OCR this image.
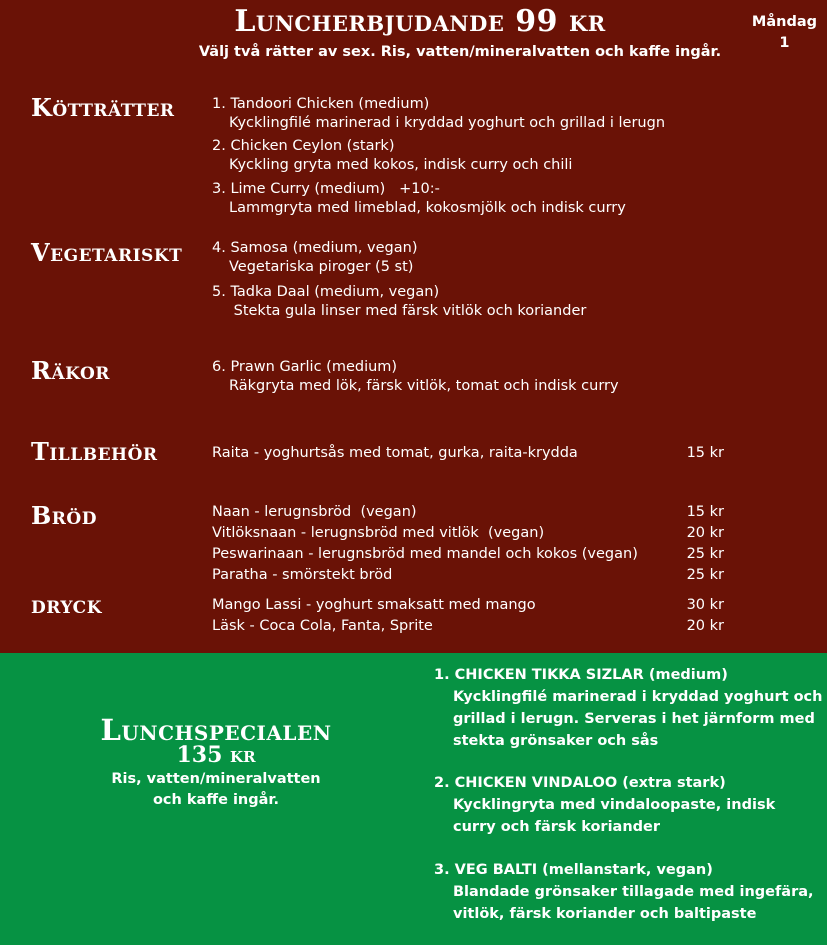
Luncherbjudande 99 kr
Välj två rätter av sex. Ris, vatten/mineralvatten och kaffe ingår.
Måndag
1
Kötträtter
Vegetariskt
Räkor
Tillbehör
Bröd
dryck
1. Tandoori Chicken (medium)
Kycklingfilé marinerad i kryddad yoghurt och grillad i lerugn
2. Chicken Ceylon (stark)
Kyckling gryta med kokos, indisk curry och chili
3. Lime Curry (medium)   +10:-
Lammgryta med limeblad, kokosmjölk och indisk curry
4. Samosa (medium, vegan)
Vegetariska piroger (5 st)
5. Tadka Daal (medium, vegan)
Stekta gula linser med färsk vitlök och koriander
6. Prawn Garlic (medium)
Räkgryta med lök, färsk vitlök, tomat och indisk curry
Raita - yoghurtsås med tomat, gurka, raita-krydda	15 kr
Naan - lerugnsbröd  (vegan)	15 kr
Vitlöksnaan - lerugnsbröd med vitlök  (vegan)	20 kr
Peswarinaan - lerugnsbröd med mandel och kokos (vegan)	25 kr
Paratha - smörstekt bröd	25 kr
Mango Lassi - yoghurt smaksatt med mango	30 kr
Läsk - Coca Cola, Fanta, Sprite	20 kr
Lunchspecialen
135 kr
Ris, vatten/mineralvatten
och kaffe ingår.
1. CHICKEN TIKKA SIZLAR (medium)
Kycklingfilé marinerad i kryddad yoghurt och
grillad i lerugn. Serveras i het järnform med
stekta grönsaker och sås
2. CHICKEN VINDALOO (extra stark)
Kycklingryta med vindaloopaste, indisk
curry och färsk koriander
3. VEG BALTI (mellanstark, vegan)
Blandade grönsaker tillagade med ingefära,
vitlök, färsk koriander och baltipaste
